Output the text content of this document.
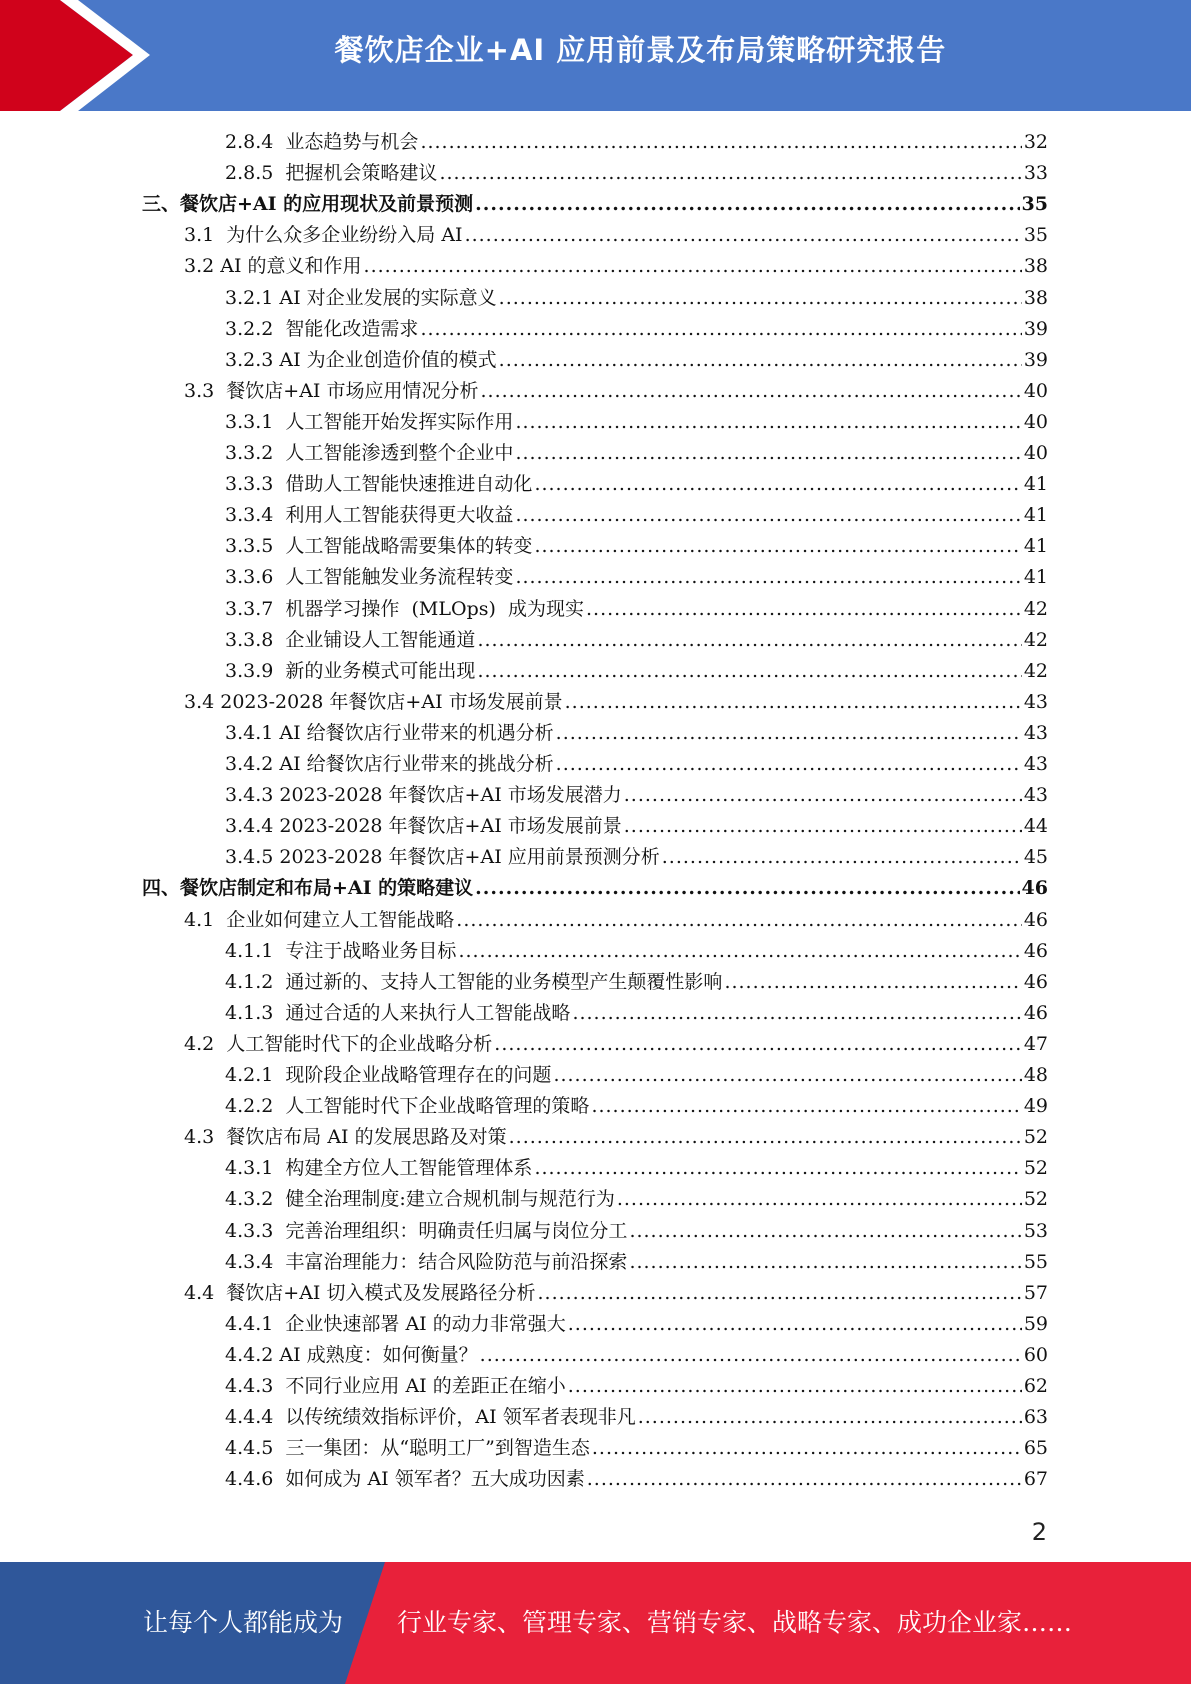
餐饮店企业+AI 应用前景及布局策略研究报告
2.8.4  业态趋势与机会 .....	32
2.8.5  把握机会策略建议 .....	33
三、餐饮店+AI 的应用现状及前景预测 .....	35
3.1  为什么众多企业纷纷入局 AI .....	35
3.2 AI 的意义和作用 .....	38
3.2.1 AI 对企业发展的实际意义 .....	38
3.2.2  智能化改造需求 .....	39
3.2.3 AI 为企业创造价值的模式 .....	39
3.3  餐饮店+AI 市场应用情况分析 .....	40
3.3.1  人工智能开始发挥实际作用 .....	40
3.3.2  人工智能渗透到整个企业中 .....	40
3.3.3  借助人工智能快速推进自动化 .....	41
3.3.4  利用人工智能获得更大收益 .....	41
3.3.5  人工智能战略需要集体的转变 .....	41
3.3.6  人工智能触发业务流程转变 .....	41
3.3.7  机器学习操作  (MLOps)  成为现实 .....	42
3.3.8  企业铺设人工智能通道 .....	42
3.3.9  新的业务模式可能出现 .....	42
3.4 2023-2028 年餐饮店+AI 市场发展前景 .....	43
3.4.1 AI 给餐饮店行业带来的机遇分析 .....	43
3.4.2 AI 给餐饮店行业带来的挑战分析 .....	43
3.4.3 2023-2028 年餐饮店+AI 市场发展潜力 .....	43
3.4.4 2023-2028 年餐饮店+AI 市场发展前景 .....	44
3.4.5 2023-2028 年餐饮店+AI 应用前景预测分析 .....	45
四、餐饮店制定和布局+AI 的策略建议 .....	46
4.1  企业如何建立人工智能战略 .....	46
4.1.1  专注于战略业务目标 .....	46
4.1.2  通过新的、支持人工智能的业务模型产生颠覆性影响 .....	46
4.1.3  通过合适的人来执行人工智能战略 .....	46
4.2  人工智能时代下的企业战略分析 .....	47
4.2.1  现阶段企业战略管理存在的问题 .....	48
4.2.2  人工智能时代下企业战略管理的策略 .....	49
4.3  餐饮店布局 AI 的发展思路及对策 .....	52
4.3.1  构建全方位人工智能管理体系 .....	52
4.3.2  健全治理制度:建立合规机制与规范行为 .....	52
4.3.3  完善治理组织：明确责任归属与岗位分工 .....	53
4.3.4  丰富治理能力：结合风险防范与前沿探索 .....	55
4.4  餐饮店+AI 切入模式及发展路径分析 .....	57
4.4.1  企业快速部署 AI 的动力非常强大 .....	59
4.4.2 AI 成熟度：如何衡量？ .....	60
4.4.3  不同行业应用 AI 的差距正在缩小 .....	62
4.4.4  以传统绩效指标评价，AI 领军者表现非凡 .....	63
4.4.5  三一集团：从“聪明工厂”到智造生态 .....	65
4.4.6  如何成为 AI 领军者？五大成功因素 .....	67
2
让每个人都能成为 行业专家、管理专家、营销专家、战略专家、成功企业家……
